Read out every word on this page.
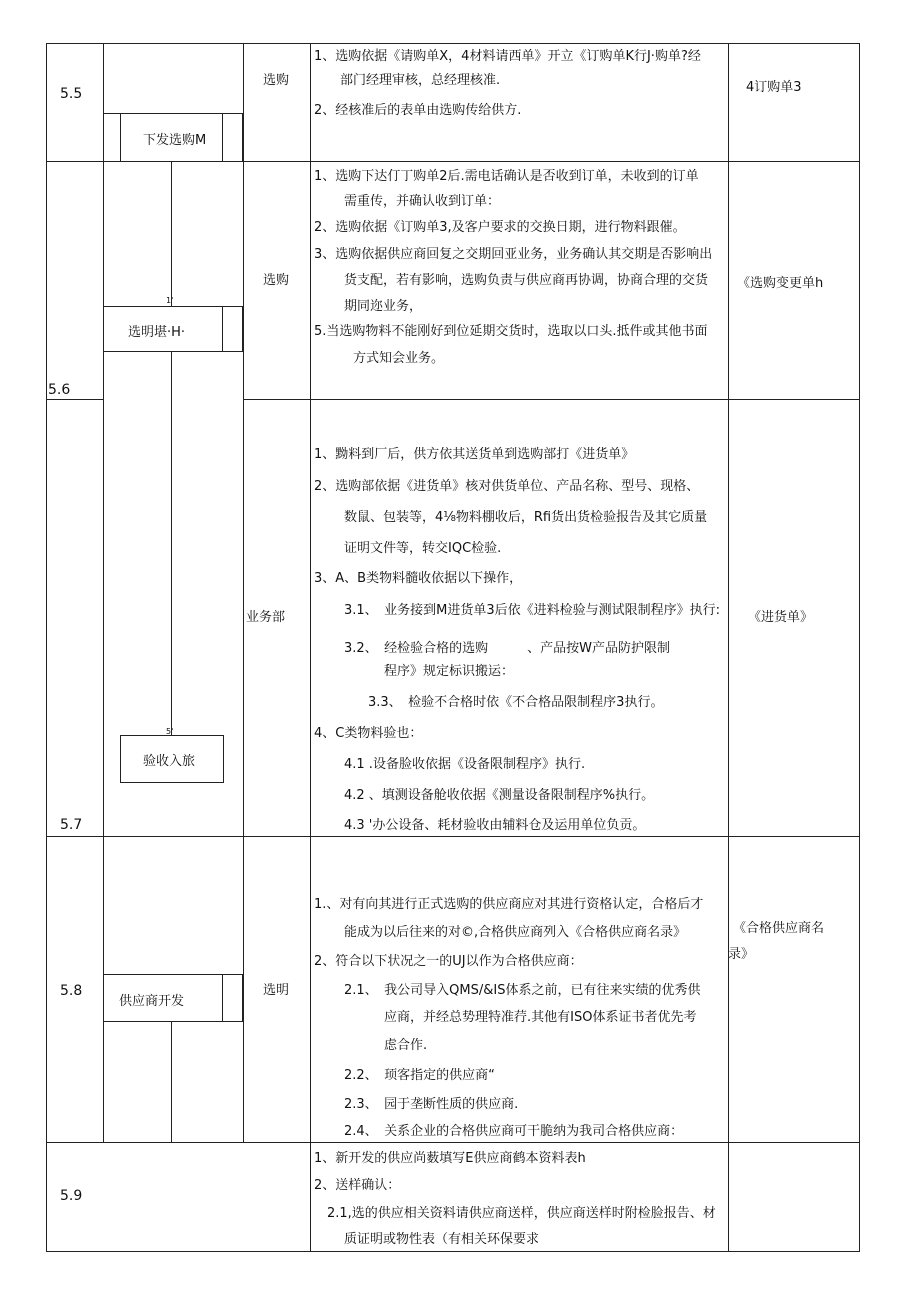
5.5
下发选购M
选购
1、选购依据《请购单X，4材料请西单》开立《订购单K行J·购单?经
部门经理审核，总经理核准.
2、经核准后的表单由选购传给供方.
4订购单3
5.6
1'
选明堪·H·
选购
1、选购下达仃丁购单2后.需电话确认是否收到订单，未收到的订单
需重传，并确认收到订单：
2、选购依据《订购单3,及客户要求的交换日期，进行物料跟催。
3、选购依据供应商回复之交期回亚业务，业务确认其交期是否影响出
货支配，若有影响，选购负责与供应商再协调，协商合理的交货
期同迩业务，
5.当选购物料不能刚好到位延期交货时，选取以口头.抵件或其他书面
方式知会业务。
《选购变更单h
5.7
5'
验收入旅
业务部
1、黝料到厂后，供方依其送货单到选购部打《进货单》
2、选购部依据《进货单》核对供货单位、产品名称、型号、现格、
数鼠、包装等，4⅛物料棚收后，Rfi货出货检验报告及其它质量
证明文件等，转交IQC检验.
3、A、B类物料髓收依据以下操作，
3.1、　业务接到M进货单3后依《进料检验与测试限制程序》执行:
3.2、　经检验合格的选购　　　、产品按W产品防护限制
程序》规定标识搬运：
3.3、　检验不合格时依《不合格品限制程序3执行。
4、C类物料验也：
4.1 .设备脸收依据《设备限制程序》执行.
4.2 、填测设备舱收依据《测量设备限制程序%执行。
4.3 '办公设备、耗材验收由辅料仓及运用单位负贡。
《进货单》
5.8
供应商开发
选明
1.、对有向其进行正式选购的供应商应对其进行资格认定，合格后才
能成为以后往来的对©,合格供应商列入《合格供应商名录》
2、符合以下状况之一的UJ以作为合格供应商：
2.1、　我公司导入QMS/&IS体系之前，已有往来实绩的优秀供
应商，并经总势理特准荇.其他有ISO体系证书者优先考
虑合作.
2.2、　顼客指定的供应商“
2.3、　园于垄断性质的供应商.
2.4、　关系企业的合格供应商可干脆纳为我司合格供应商：
《合格供应商名
录》
5.9
1、新开发的供应尚薮填写E供应商鹤本资料表h
2、送样确认：
2.1,选的供应相关资料请供应商送样，供应商送样时附检脸报告、材
质证明或物性表（有相关环保要求
